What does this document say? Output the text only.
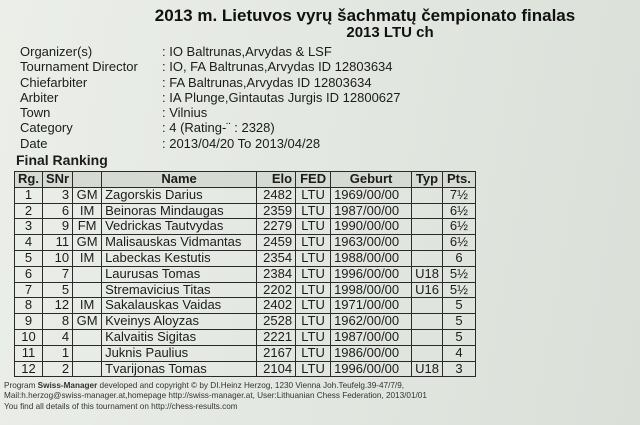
2013 m. Lietuvos vyrų šachmatų čempionato finalas
2013 LTU ch
Organizer(s)	: IO Baltrunas,Arvydas & LSF
Tournament Director	: IO, FA Baltrunas,Arvydas ID 12803634
Chiefarbiter	: FA Baltrunas,Arvydas ID 12803634
Arbiter	: IA Plunge,Gintautas Jurgis ID 12800627
Town	: Vilnius
Category	: 4 (Rating-¨ : 2328)
Date	: 2013/04/20 To 2013/04/28
Final Ranking
Rg.	SNr		Name	Elo	FED	Geburt	Typ	Pts.
1	3	GM	Zagorskis Darius	2482	LTU	1969/00/00		7½
2	6	IM	Beinoras Mindaugas	2359	LTU	1987/00/00		6½
3	9	FM	Vedrickas Tautvydas	2279	LTU	1990/00/00		6½
4	11	GM	Malisauskas Vidmantas	2459	LTU	1963/00/00		6½
5	10	IM	Labeckas Kestutis	2354	LTU	1988/00/00		6
6	7		Laurusas Tomas	2384	LTU	1996/00/00	U18	5½
7	5		Stremavicius Titas	2202	LTU	1998/00/00	U16	5½
8	12	IM	Sakalauskas Vaidas	2402	LTU	1971/00/00		5
9	8	GM	Kveinys Aloyzas	2528	LTU	1962/00/00		5
10	4		Kalvaitis Sigitas	2221	LTU	1987/00/00		5
11	1		Juknis Paulius	2167	LTU	1986/00/00		4
12	2		Tvarijonas Tomas	2104	LTU	1996/00/00	U18	3
Program Swiss-Manager developed and copyright © by DI.Heinz Herzog, 1230 Vienna Joh.Teufelg.39-47/7/9,
Mail:h.herzog@swiss-manager.at,homepage http://swiss-manager.at, User:Lithuanian Chess Federation, 2013/01/01
You find all details of this tournament on http://chess-results.com
